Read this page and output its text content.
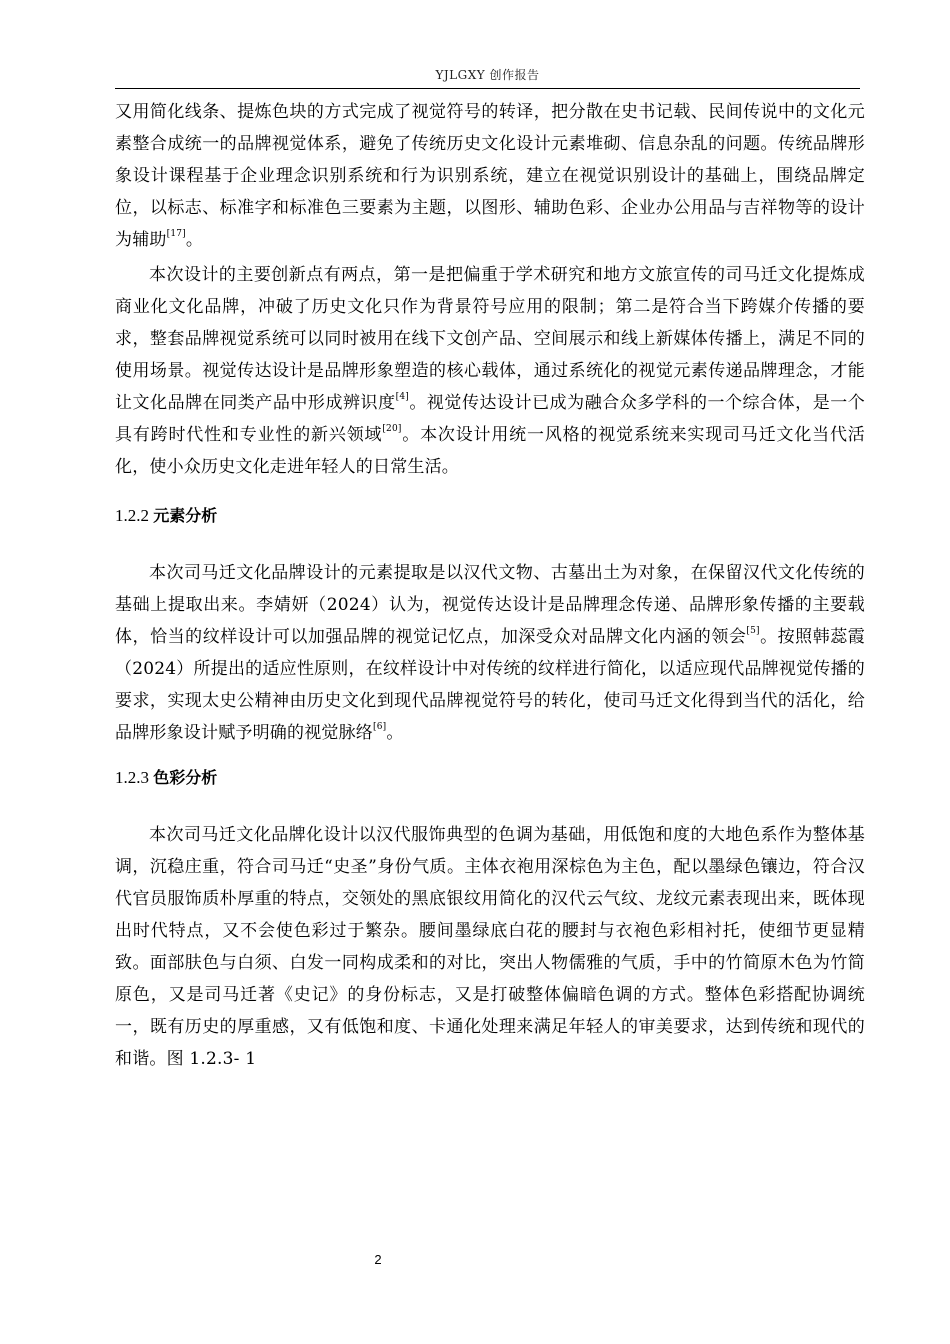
YJLGXY 创作报告

又用简化线条、提炼色块的方式完成了视觉符号的转译，把分散在史书记载、民间传说中的文化元素整合成统一的品牌视觉体系，避免了传统历史文化设计元素堆砌、信息杂乱的问题。传统品牌形象设计课程基于企业理念识别系统和行为识别系统，建立在视觉识别设计的基础上，围绕品牌定位，以标志、标准字和标准色三要素为主题，以图形、辅助色彩、企业办公用品与吉祥物等的设计为辅助[17]。

本次设计的主要创新点有两点，第一是把偏重于学术研究和地方文旅宣传的司马迁文化提炼成商业化文化品牌，冲破了历史文化只作为背景符号应用的限制；第二是符合当下跨媒介传播的要求，整套品牌视觉系统可以同时被用在线下文创产品、空间展示和线上新媒体传播上，满足不同的使用场景。视觉传达设计是品牌形象塑造的核心载体，通过系统化的视觉元素传递品牌理念，才能让文化品牌在同类产品中形成辨识度[4]。视觉传达设计已成为融合众多学科的一个综合体，是一个具有跨时代性和专业性的新兴领域[20]。本次设计用统一风格的视觉系统来实现司马迁文化当代活化，使小众历史文化走进年轻人的日常生活。

1.2.2 元素分析

本次司马迁文化品牌设计的元素提取是以汉代文物、古墓出土为对象，在保留汉代文化传统的基础上提取出来。李婧妍（2024）认为，视觉传达设计是品牌理念传递、品牌形象传播的主要载体，恰当的纹样设计可以加强品牌的视觉记忆点，加深受众对品牌文化内涵的领会[5]。按照韩蕊霞（2024）所提出的适应性原则，在纹样设计中对传统的纹样进行简化，以适应现代品牌视觉传播的要求，实现太史公精神由历史文化到现代品牌视觉符号的转化，使司马迁文化得到当代的活化，给品牌形象设计赋予明确的视觉脉络[6]。

1.2.3 色彩分析

本次司马迁文化品牌化设计以汉代服饰典型的色调为基础，用低饱和度的大地色系作为整体基调，沉稳庄重，符合司马迁“史圣”身份气质。主体衣袍用深棕色为主色，配以墨绿色镶边，符合汉代官员服饰质朴厚重的特点，交领处的黑底银纹用简化的汉代云气纹、龙纹元素表现出来，既体现出时代特点，又不会使色彩过于繁杂。腰间墨绿底白花的腰封与衣袍色彩相衬托，使细节更显精致。面部肤色与白须、白发一同构成柔和的对比，突出人物儒雅的气质，手中的竹简原木色为竹简原色，又是司马迁著《史记》的身份标志，又是打破整体偏暗色调的方式。整体色彩搭配协调统一，既有历史的厚重感，又有低饱和度、卡通化处理来满足年轻人的审美要求，达到传统和现代的和谐。图 1.2.3- 1

2
